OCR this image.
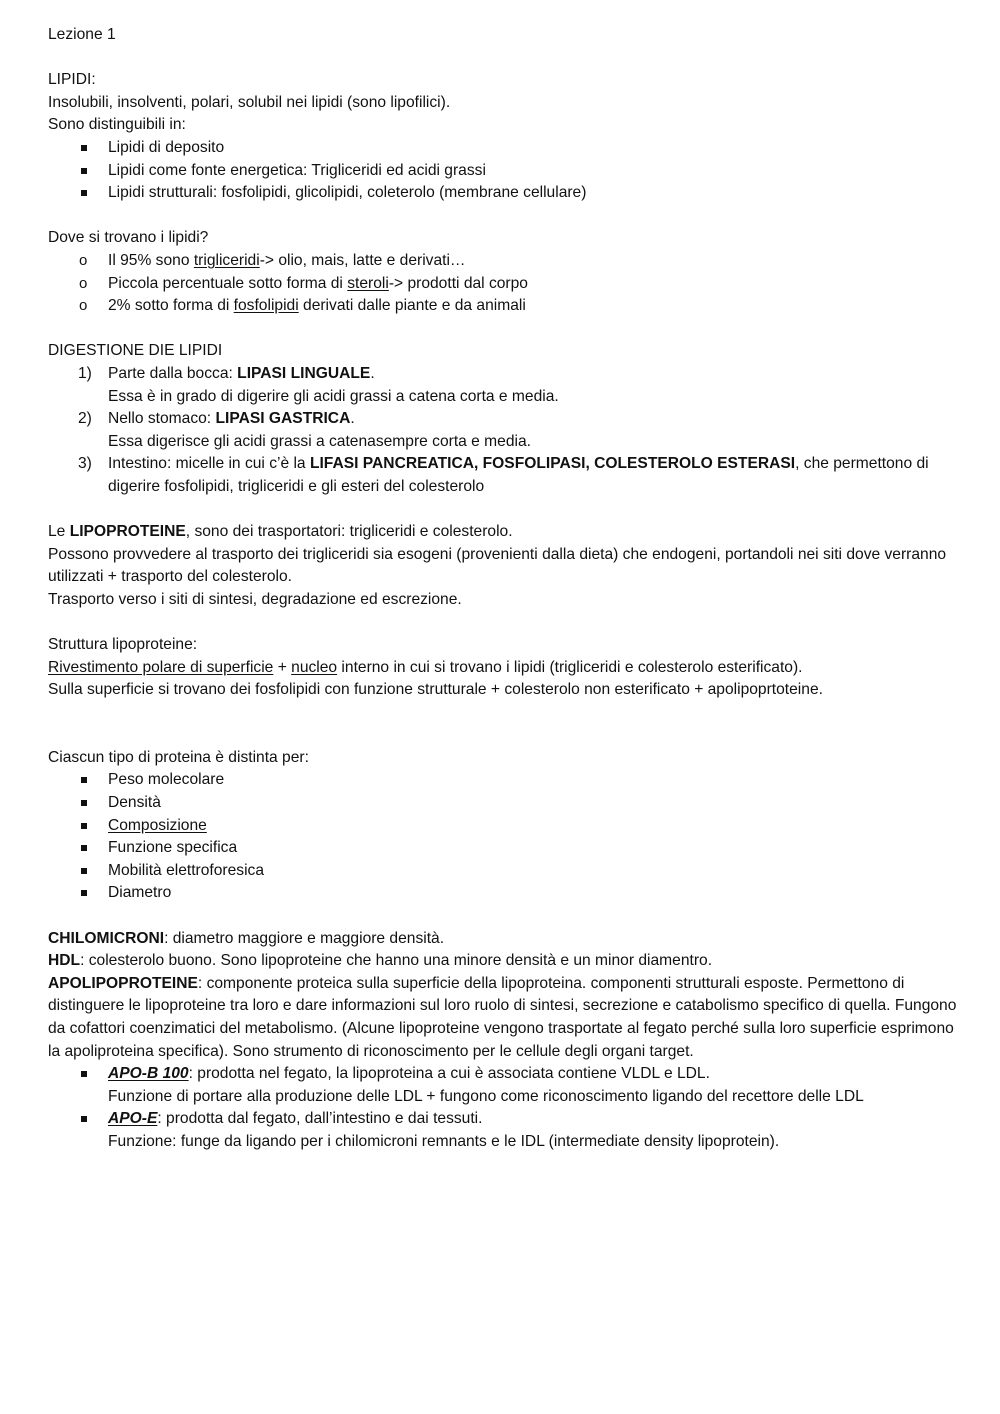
Lezione 1

LIPIDI:

Insolubili, insolventi, polari, solubil nei lipidi (sono lipofilici).

Sono distinguibili in:

Lipidi di deposito
Lipidi come fonte energetica: Trigliceridi ed acidi grassi
Lipidi strutturali: fosfolipidi, glicolipidi, coleterolo (membrane cellulare)

Dove si trovano i lipidi?

o Il 95% sono trigliceridi-> olio, mais, latte e derivati…
o Piccola percentuale sotto forma di steroli-> prodotti dal corpo
o 2% sotto forma di fosfolipidi derivati dalle piante e da animali

DIGESTIONE DIE LIPIDI

1) Parte dalla bocca: LIPASI LINGUALE.
Essa è in grado di digerire gli acidi grassi a catena corta e media.
2) Nello stomaco: LIPASI GASTRICA.
Essa digerisce gli acidi grassi a catenasempre corta e media.
3) Intestino: micelle in cui c’è la LIFASI PANCREATICA, FOSFOLIPASI, COLESTEROLO ESTERASI, che permettono di digerire fosfolipidi, trigliceridi e gli esteri del colesterolo

Le LIPOPROTEINE, sono dei trasportatori: trigliceridi e colesterolo.

Possono provvedere al trasporto dei trigliceridi sia esogeni (provenienti dalla dieta) che endogeni, portandoli nei siti dove verranno utilizzati + trasporto del colesterolo.

Trasporto verso i siti di sintesi, degradazione ed escrezione.

Struttura lipoproteine:

Rivestimento polare di superficie + nucleo interno in cui si trovano i lipidi (trigliceridi e colesterolo esterificato).

Sulla superficie si trovano dei fosfolipidi con funzione strutturale + colesterolo non esterificato + apolipoprtoteine.

Ciascun tipo di proteina è distinta per:

Peso molecolare
Densità
Composizione
Funzione specifica
Mobilità elettroforesica
Diametro

CHILOMICRONI: diametro maggiore e maggiore densità.

HDL: colesterolo buono. Sono lipoproteine che hanno una minore densità e un minor diamentro.

APOLIPOPROTEINE: componente proteica sulla superficie della lipoproteina. componenti strutturali esposte. Permettono di distinguere le lipoproteine tra loro e dare informazioni sul loro ruolo di sintesi, secrezione e catabolismo specifico di quella. Fungono da cofattori coenzimatici del metabolismo. (Alcune lipoproteine vengono trasportate al fegato perché sulla loro superficie esprimono la apoliproteina specifica). Sono strumento di riconoscimento per le cellule degli organi target.

APO-B 100: prodotta nel fegato, la lipoproteina a cui è associata contiene VLDL e LDL.
Funzione di portare alla produzione delle LDL + fungono come riconoscimento ligando del recettore delle LDL
APO-E: prodotta dal fegato, dall’intestino e dai tessuti.
Funzione: funge da ligando per i chilomicroni remnants e le IDL (intermediate density lipoprotein).
